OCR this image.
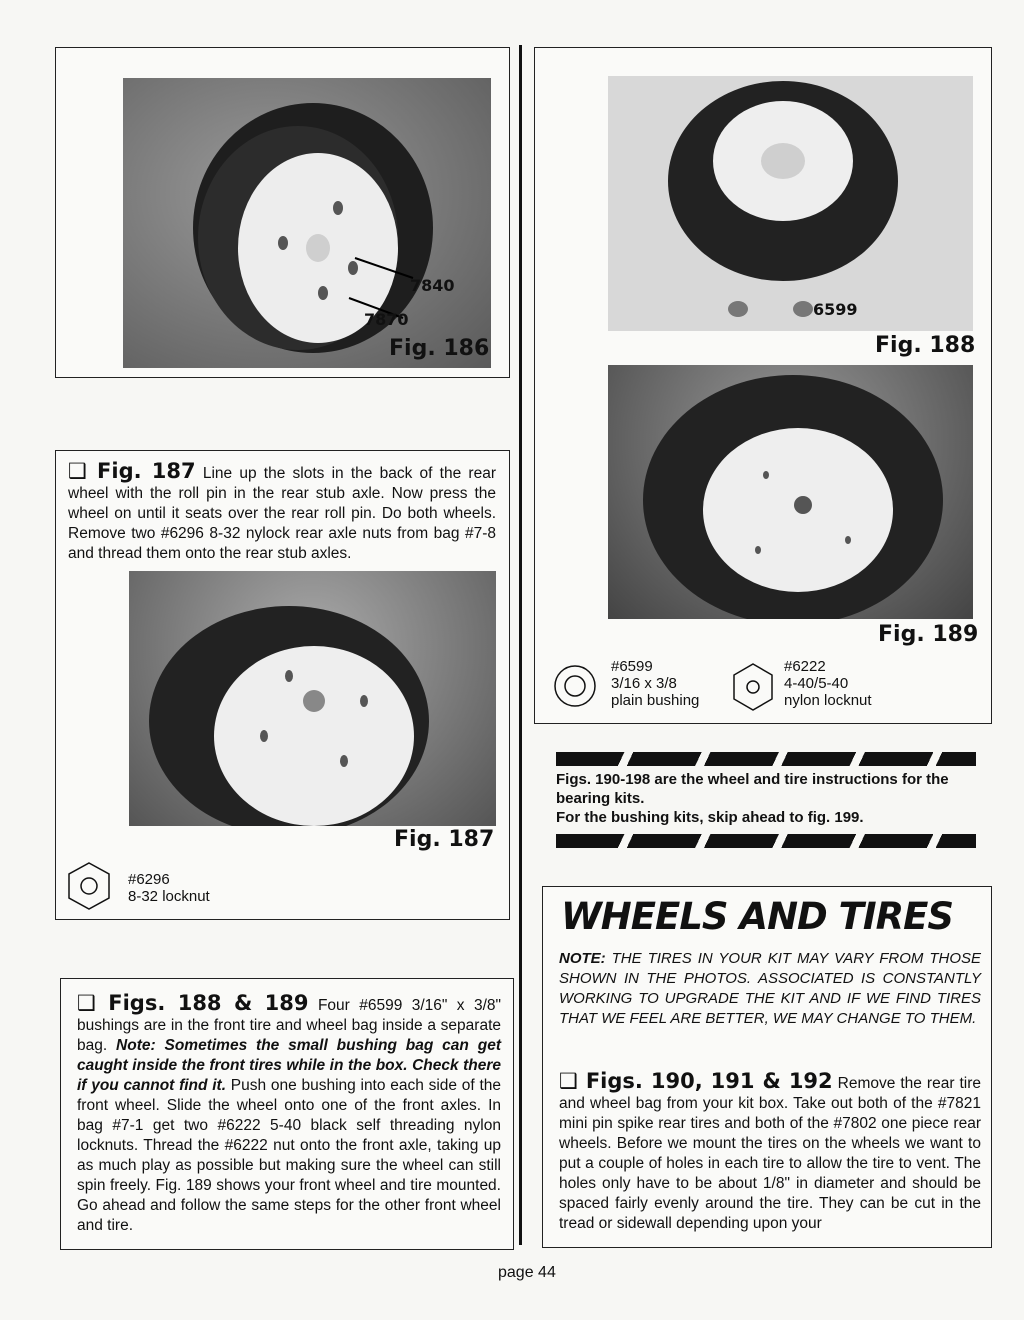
7840
7870
Fig. 186
❑ Fig. 187 Line up the slots in the back of the rear wheel with the roll pin in the rear stub axle. Now press the wheel on until it seats over the rear roll pin. Do both wheels. Remove two #6296 8-32 nylock rear axle nuts from bag #7-8 and thread them onto the rear stub axles.
Fig. 187
#6296
8-32 locknut
❑ Figs. 188 & 189 Four #6599 3/16" x 3/8" bushings are in the front tire and wheel bag inside a separate bag. Note: Sometimes the small bushing bag can get caught inside the front tires while in the box. Check there if you cannot find it. Push one bushing into each side of the front wheel. Slide the wheel onto one of the front axles. In bag #7-1 get two #6222 5-40 black self threading nylon locknuts. Thread the #6222 nut onto the front axle, taking up as much play as possible but making sure the wheel can still spin freely. Fig. 189 shows your front wheel and tire mounted. Go ahead and follow the same steps for the other front wheel and tire.
6599
Fig. 188
Fig. 189
#6599
3/16 x 3/8
plain bushing
#6222
4-40/5-40
nylon locknut
Figs. 190-198 are the wheel and tire instructions for the bearing kits.
For the bushing kits, skip ahead to fig. 199.
WHEELS AND TIRES
NOTE: THE TIRES IN YOUR KIT MAY VARY FROM THOSE SHOWN IN THE PHOTOS. ASSOCIATED IS CONSTANTLY WORKING TO UPGRADE THE KIT AND IF WE FIND TIRES THAT WE FEEL ARE BETTER, WE MAY CHANGE TO THEM.
❑ Figs. 190, 191 & 192 Remove the rear tire and wheel bag from your kit box. Take out both of the #7821 mini pin spike rear tires and both of the #7802 one piece rear wheels. Before we mount the tires on the wheels we want to put a couple of holes in each tire to allow the tire to vent. The holes only have to be about 1/8" in diameter and should be spaced fairly evenly around the tire. They can be cut in the tread or sidewall depending upon your
page 44
